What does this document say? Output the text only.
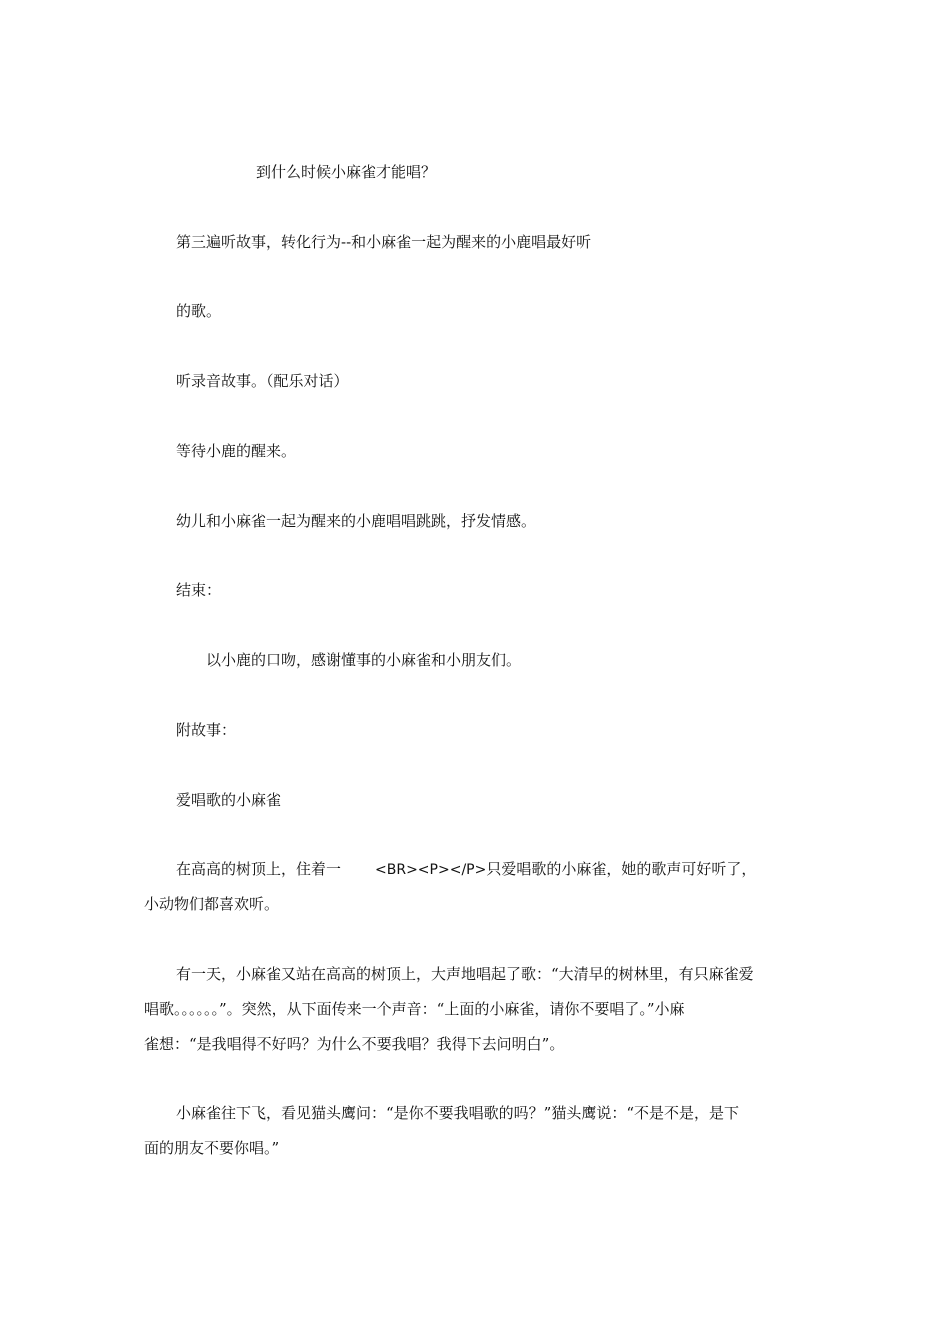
到什么时候小麻雀才能唱？
第三遍听故事，转化行为--和小麻雀一起为醒来的小鹿唱最好听
的歌。
听录音故事。（配乐对话）
等待小鹿的醒来。
幼儿和小麻雀一起为醒来的小鹿唱唱跳跳，抒发情感。
结束：
以小鹿的口吻，感谢懂事的小麻雀和小朋友们。
附故事：
爱唱歌的小麻雀
在高高的树顶上，住着一 <BR><P></P>只爱唱歌的小麻雀，她的歌声可好听了，
小动物们都喜欢听。
有一天，小麻雀又站在高高的树顶上，大声地唱起了歌：“大清早的树林里，有只麻雀爱
唱歌。。。。。。”。突然，从下面传来一个声音：“上面的小麻雀，请你不要唱了。”小麻
雀想：“是我唱得不好吗？为什么不要我唱？我得下去问明白”。
小麻雀往下飞，看见猫头鹰问：“是你不要我唱歌的吗？”猫头鹰说：“不是不是，是下
面的朋友不要你唱。”
